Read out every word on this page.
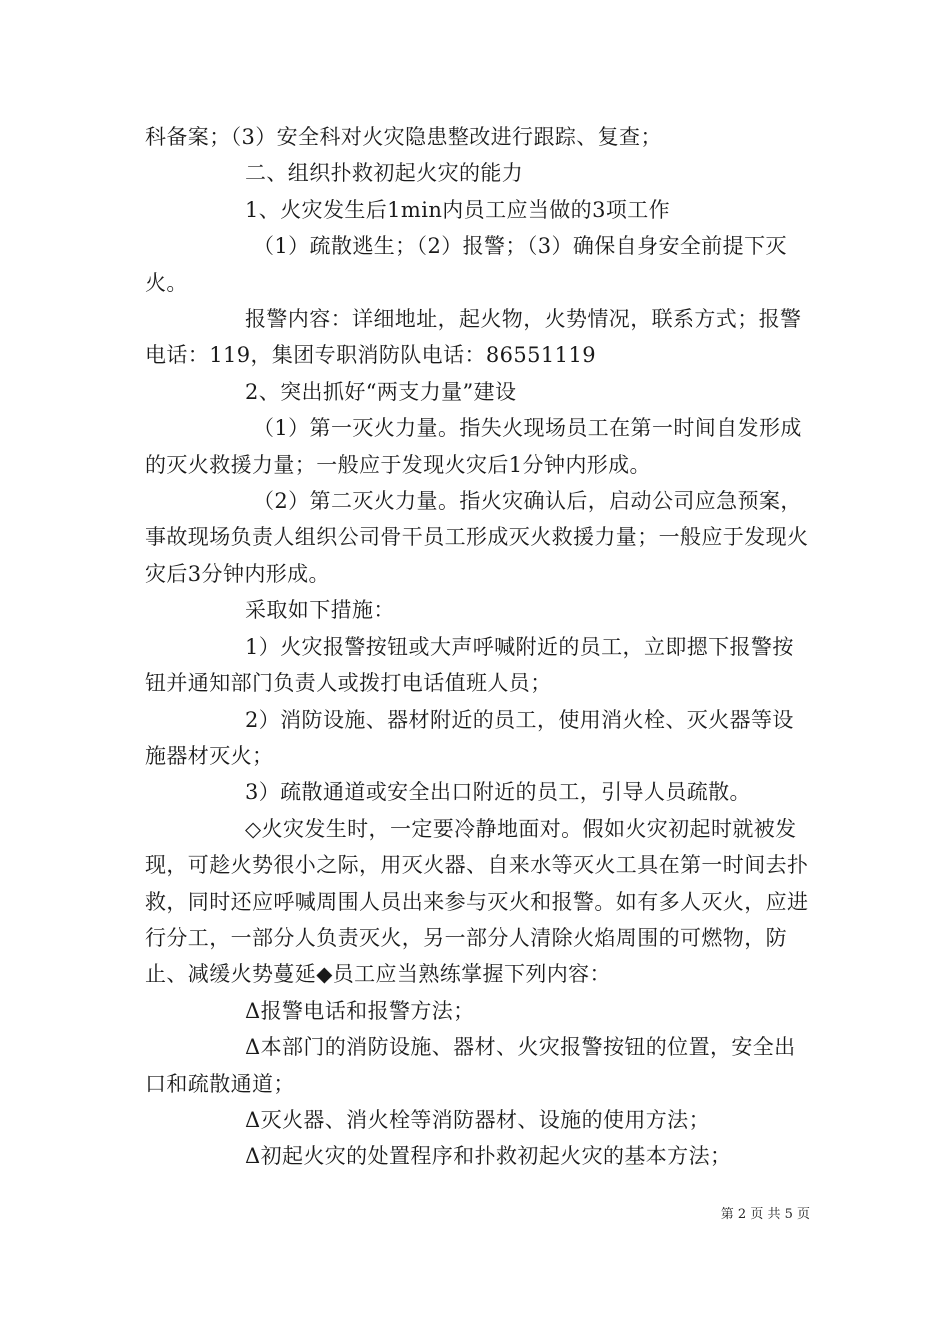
科备案；（3）安全科对火灾隐患整改进行跟踪、复查；

二、组织扑救初起火灾的能力

1、火灾发生后1min内员工应当做的3项工作

（1）疏散逃生；（2）报警；（3）确保自身安全前提下灭火。

报警内容：详细地址，起火物，火势情况，联系方式；报警电话：119，集团专职消防队电话：86551119

2、突出抓好“两支力量”建设

（1）第一灭火力量。指失火现场员工在第一时间自发形成的灭火救援力量；一般应于发现火灾后1分钟内形成。

（2）第二灭火力量。指火灾确认后，启动公司应急预案，事故现场负责人组织公司骨干员工形成灭火救援力量；一般应于发现火灾后3分钟内形成。

采取如下措施：

1）火灾报警按钮或大声呼喊附近的员工，立即摁下报警按钮并通知部门负责人或拨打电话值班人员；

2）消防设施、器材附近的员工，使用消火栓、灭火器等设施器材灭火；

3）疏散通道或安全出口附近的员工，引导人员疏散。

◇火灾发生时，一定要冷静地面对。假如火灾初起时就被发现，可趁火势很小之际，用灭火器、自来水等灭火工具在第一时间去扑救，同时还应呼喊周围人员出来参与灭火和报警。如有多人灭火，应进行分工，一部分人负责灭火，另一部分人清除火焰周围的可燃物，防止、减缓火势蔓延◆员工应当熟练掌握下列内容：

Δ报警电话和报警方法；

Δ本部门的消防设施、器材、火灾报警按钮的位置，安全出口和疏散通道；

Δ灭火器、消火栓等消防器材、设施的使用方法；

Δ初起火灾的处置程序和扑救初起火灾的基本方法；

第 2 页 共 5 页
